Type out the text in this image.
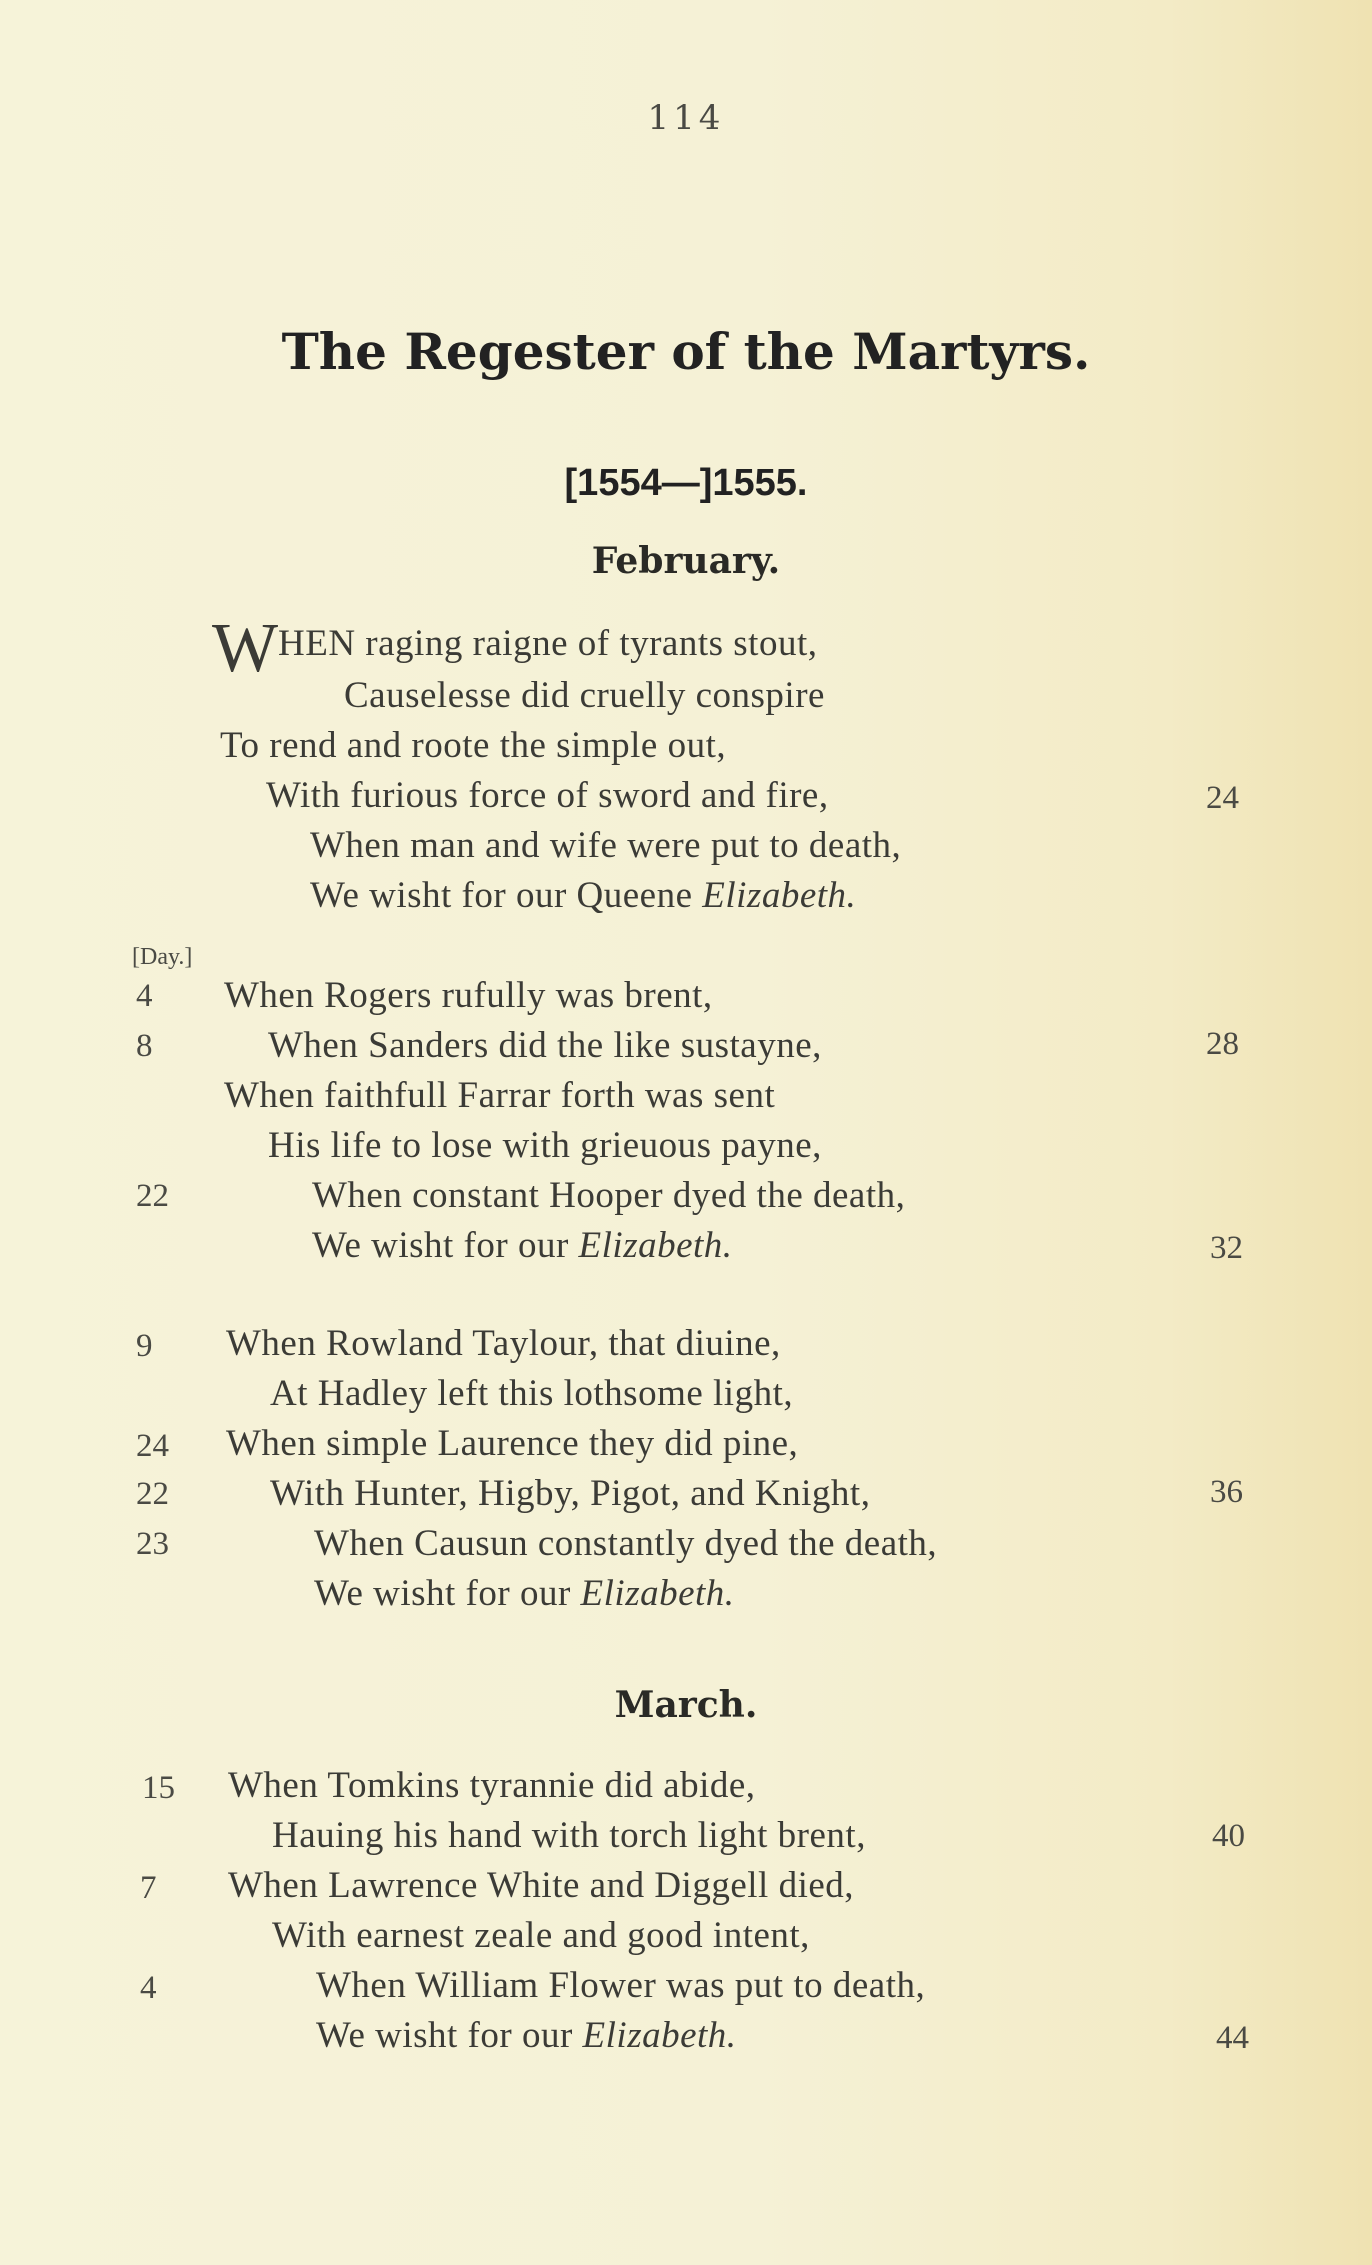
114
The Regester of the Martyrs.
[1554—]1555.
February.
W HEN raging raigne of tyrants stout,
Causelesse did cruelly conspire
To rend and roote the simple out,
With furious force of sword and fire,	24
When man and wife were put to death,
We wisht for our Queene Elizabeth.
[Day.]
4 When Rogers rufully was brent,
8	When Sanders did the like sustayne,	28
When faithfull Farrar forth was sent
His life to lose with grieuous payne,
22	When constant Hooper dyed the death,
We wisht for our Elizabeth.	32
9 When Rowland Taylour, that diuine,
At Hadley left this lothsome light,
24 When simple Laurence they did pine,
22	With Hunter, Higby, Pigot, and Knight,	36
23	When Causun constantly dyed the death,
We wisht for our Elizabeth.
March.
15 When Tomkins tyrannie did abide,
Hauing his hand with torch light brent,	40
7 When Lawrence White and Diggell died,
With earnest zeale and good intent,
4	When William Flower was put to death,
We wisht for our Elizabeth.	44
